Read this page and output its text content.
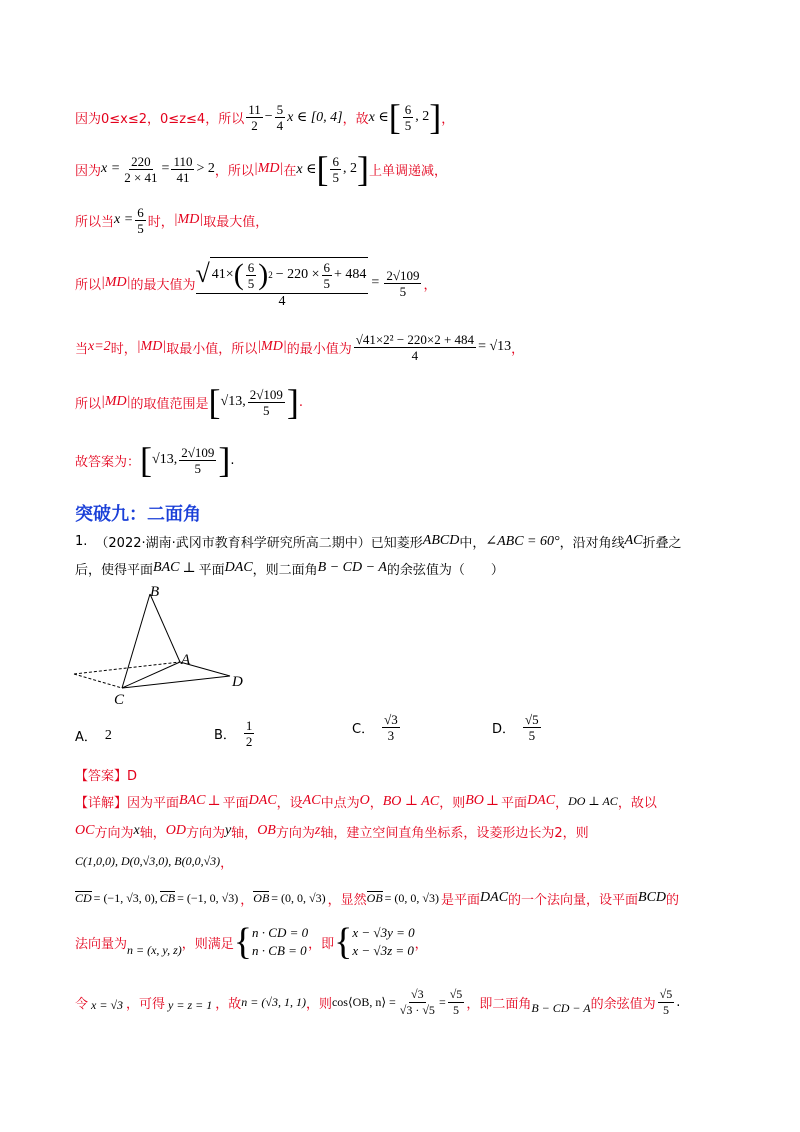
因为 0≤x≤2，0≤z≤4 ，所以 $\frac{11}{2} - \frac{5}{4}$ x ∈ [0, 4] ，故 x ∈ [ $\frac{6}{5}$ , 2 ] ，
因为 $x = \frac{220}{2 \times 41} = \frac{110}{41} > 2$ ，所以 |MD| 在 x ∈ [ $\frac{6}{5}$ , 2 ] 上单调递减，
所以当 $x = \frac{6}{5}$ 时， |MD| 取最大值，
所以 |MD| 的最大值为 √ 41× ( $\frac{6}{5}$ ) $2 - 220 \times \frac{6}{5} + 484$
4
= $\frac{2√109}{5}$ ，
当 x=2 时， |MD| 取最小值，所以 |MD| 的最小值为 $\frac{\text{√41×2² − 220×2 + 484}}{4} = √13$ ，
所以 |MD| 的取值范围是 [ √13, $\frac{2√109}{5}$ ] .
故答案为： [ √13, $\frac{2√109}{5}$ ] .
突破九：二面角
1. （2022·湖南·武冈市教育科学研究所高二期中） 已知菱形 ABCD 中， ∠ABC = 60° ，沿对角线 AC 折叠之
后，使得平面 BAC ⊥ 平面 DAC ，则二面角 B − CD − A 的余弦值为（　　）
B
A
C
D
A． 2	B． $\frac{1}{2}$	C． $\frac{√3}{3}$	D． $\frac{√5}{5}$
【答案】D
【详解】因为平面 BAC ⊥ 平面 DAC ，设 AC 中点为 O ， BO ⊥ AC ，则 BO ⊥ 平面 DAC ， DO ⊥ AC ，故以
OC 方向为 x 轴， OD 方向为 y 轴， OB 方向为 z 轴，建立空间直角坐标系，设菱形边长为2，则
C(1,0,0), D(0,√3,0), B(0,0,√3) ，
CD = (−1, √3, 0), CB = (−1, 0, √3) ， OB = (0, 0, √3) ，显然 OB = (0, 0, √3) 是平面 DAC 的一个法向量，设平面 BCD 的
法向量为 n = (x, y, z) ，则满足 { n · CD = 0
n · CB = 0 ，即 { x − √3y = 0
x − √3z = 0 ，
令 x = √3 ，可得 y = z = 1 ，故 n = (√3, 1, 1) ，则 cos⟨OB, n⟩ = $\frac{√3}{√3 \cdot √5} = \frac{√5}{5}$ ，即二面角 B − CD − A 的余弦值为 $\frac{√5}{5}$ .
